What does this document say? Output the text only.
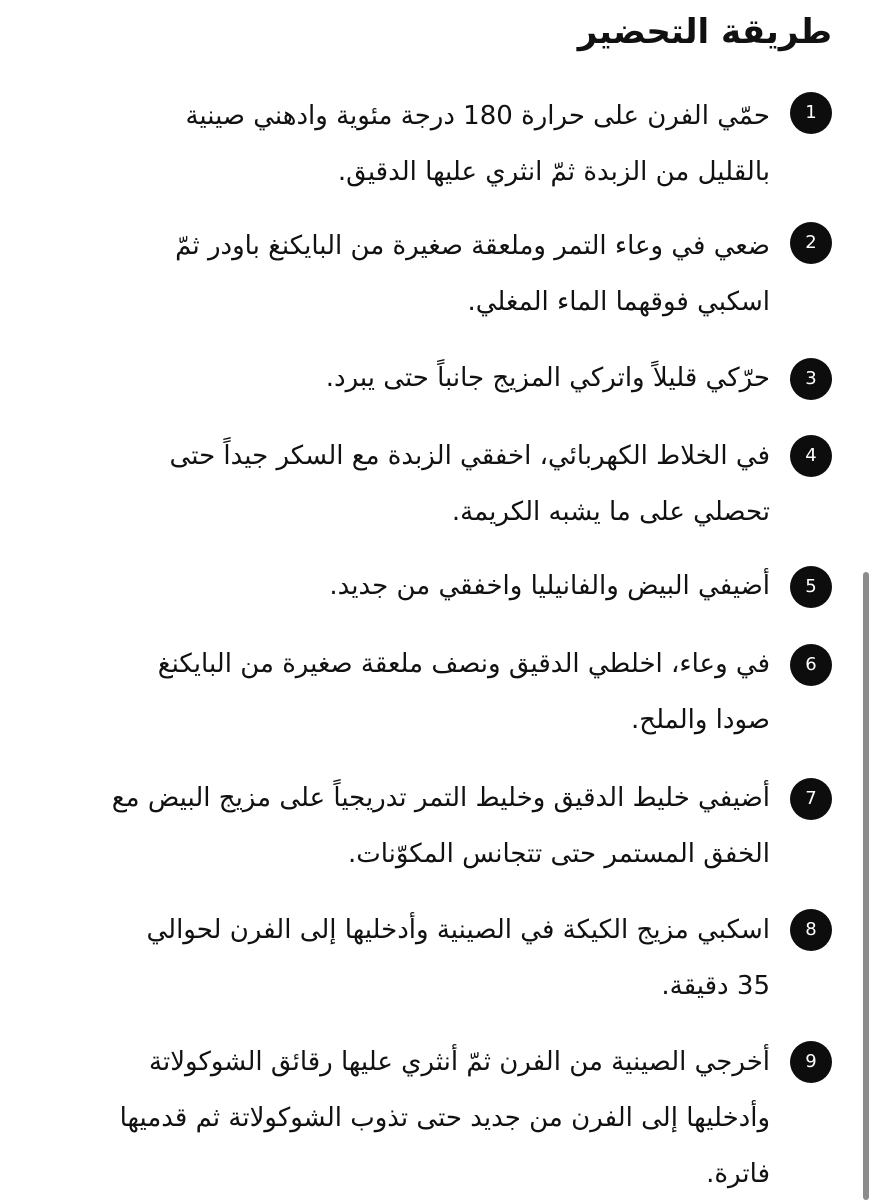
طريقة التحضير
1

حمّي الفرن على حرارة 180 درجة مئوية وادهني صينية بالقليل من الزبدة ثمّ انثري عليها الدقيق.

2

ضعي في وعاء التمر وملعقة صغيرة من البايكنغ باودر ثمّ اسكبي فوقهما الماء المغلي.

3

حرّكي قليلاً واتركي المزيج جانباً حتى يبرد.

4

في الخلاط الكهربائي، اخفقي الزبدة مع السكر جيداً حتى تحصلي على ما يشبه الكريمة.

5

أضيفي البيض والفانيليا واخفقي من جديد.

6

في وعاء، اخلطي الدقيق ونصف ملعقة صغيرة من البايكنغ صودا والملح.

7

أضيفي خليط الدقيق وخليط التمر تدريجياً على مزيج البيض مع الخفق المستمر حتى تتجانس المكوّنات.

8

اسكبي مزيج الكيكة في الصينية وأدخليها إلى الفرن لحوالي 35 دقيقة.

9

أخرجي الصينية من الفرن ثمّ أنثري عليها رقائق الشوكولاتة وأدخليها إلى الفرن من جديد حتى تذوب الشوكولاتة ثم قدميها فاترة.
